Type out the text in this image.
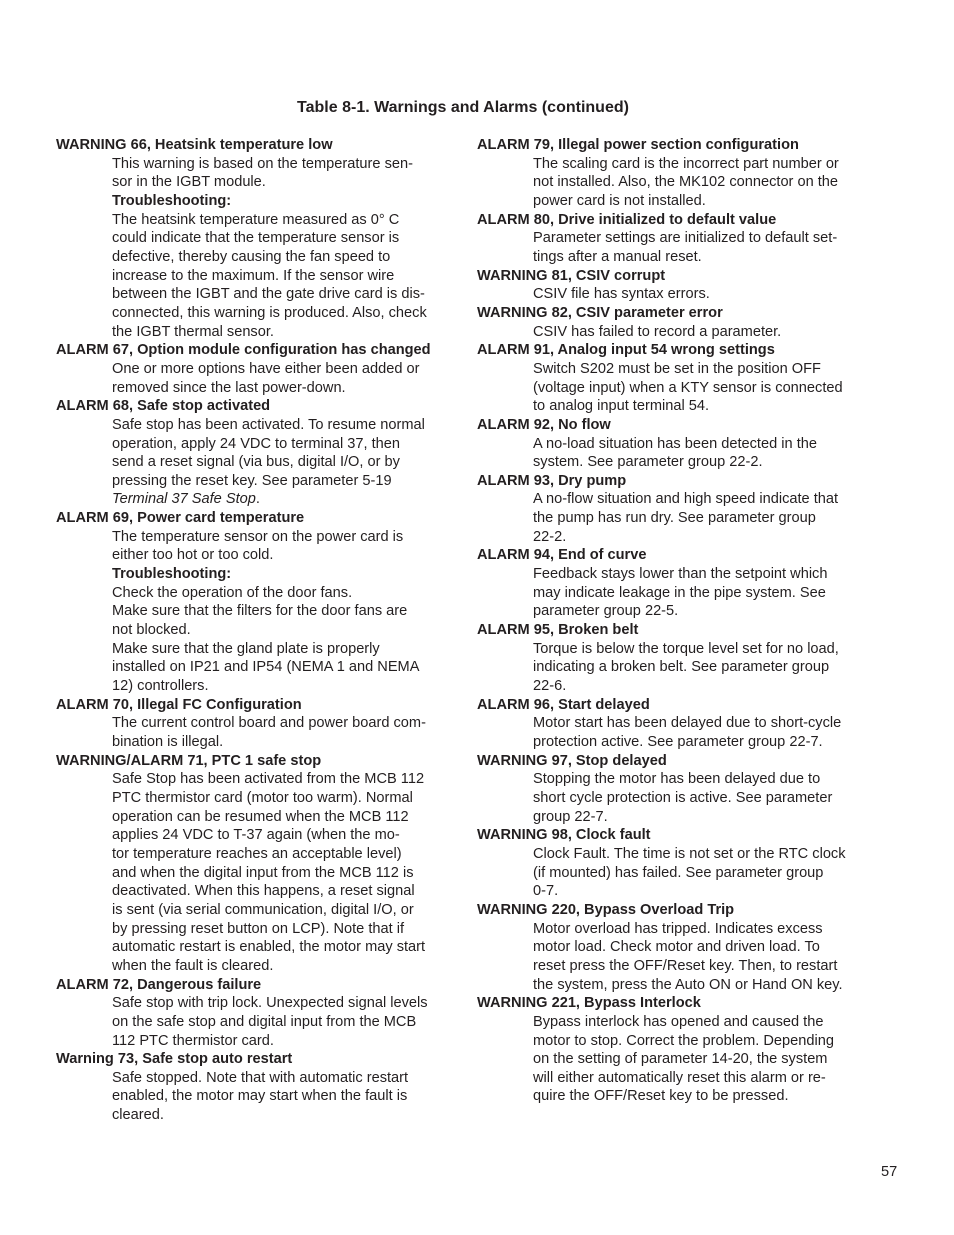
Table 8-1. Warnings and Alarms (continued)
WARNING 66, Heatsink temperature low

This warning is based on the temperature sen-

sor in the IGBT module.

Troubleshooting:

The heatsink temperature measured as 0° C

could indicate that the temperature sensor is

defective, thereby causing the fan speed to

increase to the maximum. If the sensor wire

between the IGBT and the gate drive card is dis-

connected, this warning is produced. Also, check

the IGBT thermal sensor.

ALARM 67, Option module configuration has changed

One or more options have either been added or

removed since the last power-down.

ALARM 68, Safe stop activated

Safe stop has been activated. To resume normal

operation, apply 24 VDC to terminal 37, then

send a reset signal (via bus, digital I/O, or by

pressing the reset key. See parameter 5-19

Terminal 37 Safe Stop.

ALARM 69, Power card temperature

The temperature sensor on the power card is

either too hot or too cold.

Troubleshooting:

Check the operation of the door fans.

Make sure that the filters for the door fans are

not blocked.

Make sure that the gland plate is properly

installed on IP21 and IP54 (NEMA 1 and NEMA

12) controllers.

ALARM 70, Illegal FC Configuration

The current control board and power board com-

bination is illegal.

WARNING/ALARM 71, PTC 1 safe stop

Safe Stop has been activated from the MCB 112

PTC thermistor card (motor too warm). Normal

operation can be resumed when the MCB 112

applies 24 VDC to T-37 again (when the mo-

tor temperature reaches an acceptable level)

and when the digital input from the MCB 112 is

deactivated. When this happens, a reset signal

is sent (via serial communication, digital I/O, or

by pressing reset button on LCP). Note that if

automatic restart is enabled, the motor may start

when the fault is cleared.

ALARM 72, Dangerous failure

Safe stop with trip lock. Unexpected signal levels

on the safe stop and digital input from the MCB

112 PTC thermistor card.

Warning 73, Safe stop auto restart

Safe stopped. Note that with automatic restart

enabled, the motor may start when the fault is

cleared.

ALARM 79, Illegal power section configuration

The scaling card is the incorrect part number or

not installed. Also, the MK102 connector on the

power card is not installed.

ALARM 80, Drive initialized to default value

Parameter settings are initialized to default set-

tings after a manual reset.

WARNING 81, CSIV corrupt

CSIV file has syntax errors.

WARNING 82, CSIV parameter error

CSIV has failed to record a parameter.

ALARM 91, Analog input 54 wrong settings

Switch S202 must be set in the position OFF

(voltage input) when a KTY sensor is connected

to analog input terminal 54.

ALARM 92, No flow

A no-load situation has been detected in the

system. See parameter group 22-2.

ALARM 93, Dry pump

A no-flow situation and high speed indicate that

the pump has run dry. See parameter group

22-2.

ALARM 94, End of curve

Feedback stays lower than the setpoint which

may indicate leakage in the pipe system. See

parameter group 22-5.

ALARM 95, Broken belt

Torque is below the torque level set for no load,

indicating a broken belt. See parameter group

22-6.

ALARM 96, Start delayed

Motor start has been delayed due to short-cycle

protection active. See parameter group 22-7.

WARNING 97, Stop delayed

Stopping the motor has been delayed due to

short cycle protection is active. See parameter

group 22-7.

WARNING 98, Clock fault

Clock Fault. The time is not set or the RTC clock

(if mounted) has failed. See parameter group

0-7.

WARNING 220, Bypass Overload Trip

Motor overload has tripped. Indicates excess

motor load. Check motor and driven load. To

reset press the OFF/Reset key. Then, to restart

the system, press the Auto ON or Hand ON key.

WARNING 221, Bypass Interlock

Bypass interlock has opened and caused the

motor to stop. Correct the problem. Depending

on the setting of parameter 14-20, the system

will either automatically reset this alarm or re-

quire the OFF/Reset key to be pressed.

57
